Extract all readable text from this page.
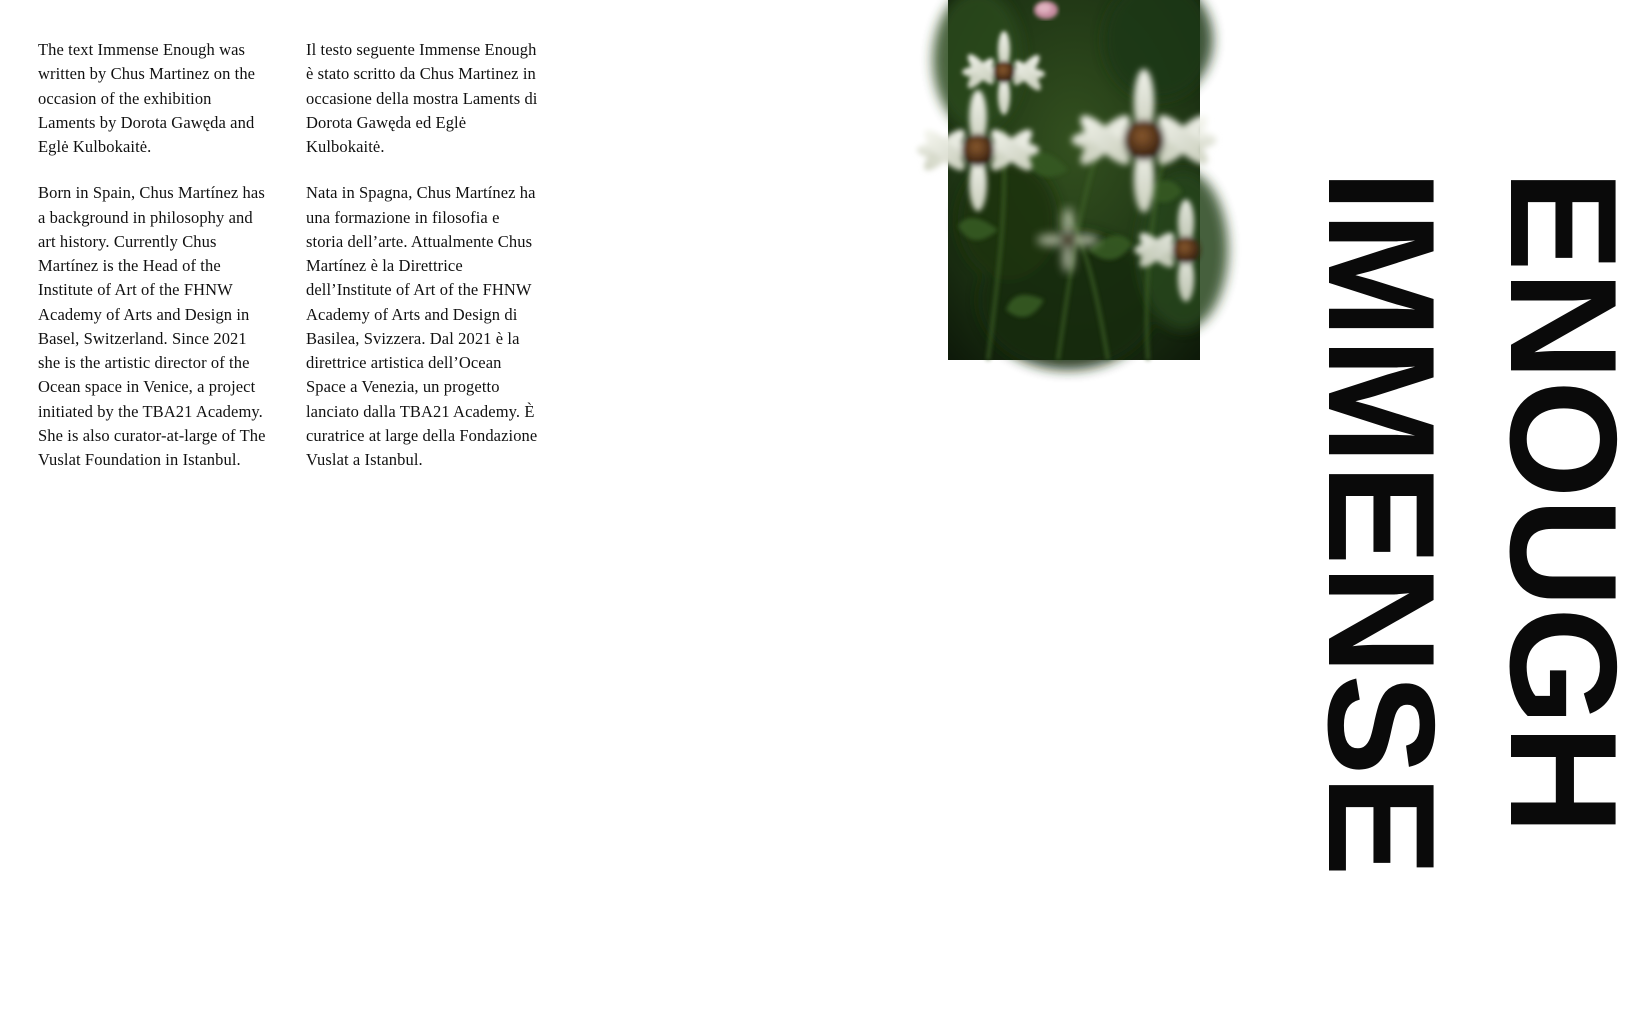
The text Immense Enough was written by Chus Martinez on the occasion of the exhibition Laments by Dorota Gawęda and Eglė Kulbokaitė.

Born in Spain, Chus Martínez has a background in philosophy and art history. Currently Chus Martínez is the Head of the Institute of Art of the FHNW Academy of Arts and Design in Basel, Switzerland. Since 2021 she is the artistic director of the Ocean space in Venice, a project initiated by the TBA21 Academy. She is also curator-at-large of The Vuslat Foundation in Istanbul.

Il testo seguente Immense Enough è stato scritto da Chus Martinez in occasione della mostra Laments di Dorota Gawęda ed Eglė Kulbokaitė.

Nata in Spagna, Chus Martínez ha una formazione in filosofia e storia dell’arte. Attualmente Chus Martínez è la Direttrice dell’Institute of Art of the FHNW Academy of Arts and Design di Basilea, Svizzera. Dal 2021 è la direttrice artistica dell’Ocean Space a Venezia, un progetto lanciato dalla TBA21 Academy. È curatrice at large della Fondazione Vuslat a Istanbul.	IMMENSE ENOUGH
